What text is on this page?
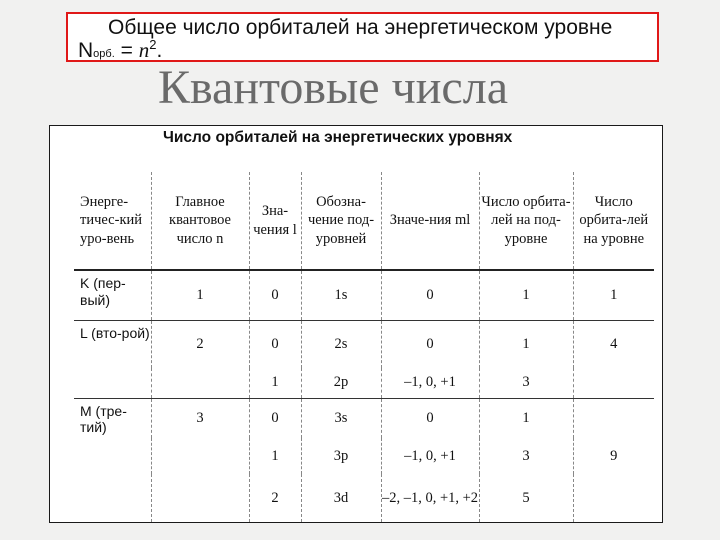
Общее число орбиталей на энергетическом уровне
Nорб. = $n^2$.
Квантовые числа
Число орбиталей на энергетических уровнях
Энерге-тичес-кий уро-вень	Главное квантовое число n	Зна-чения l	Обозна-чение под-уровней	Значе-ния ml	Число орбита-лей на под-уровне	Число орбита-лей на уровне
K (пер-вый)	1	0	1s	0	1	1
L (вто-рой)	2	0	2s	0	1	4
		1	2p	–1, 0, +1	3	
M (тре-тий)	3	0	3s	0	1	
		1	3p	–1, 0, +1	3	9
		2	3d	–2, –1, 0, +1, +2	5	
